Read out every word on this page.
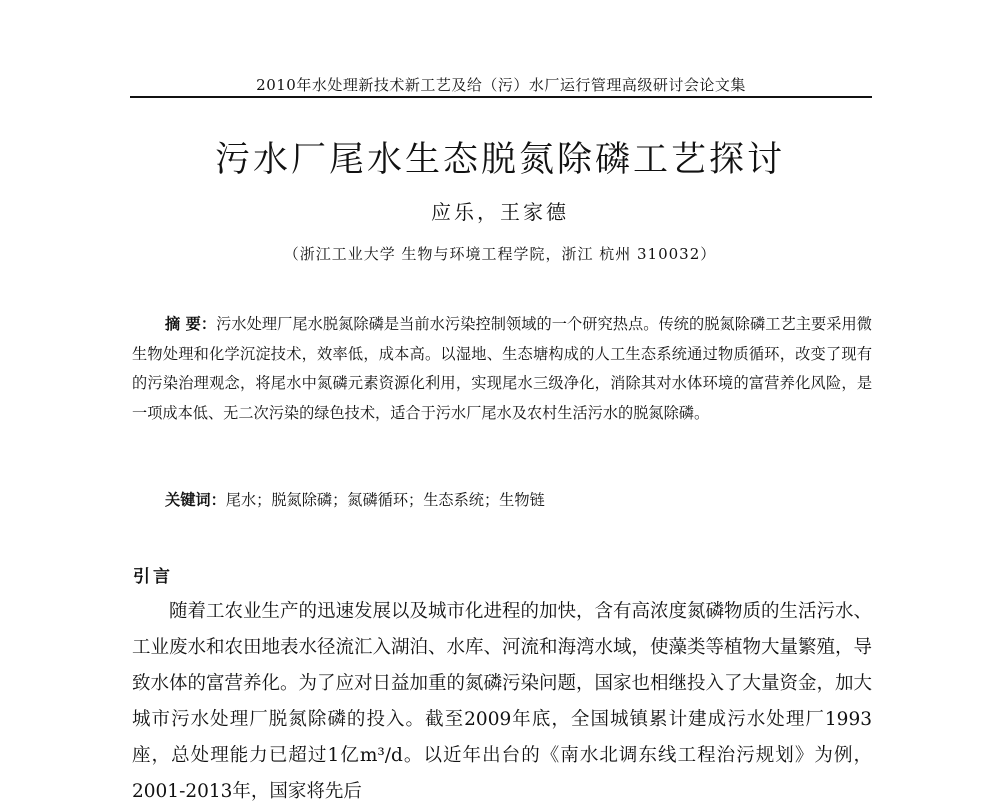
2010年水处理新技术新工艺及给（污）水厂运行管理高级研讨会论文集
污水厂尾水生态脱氮除磷工艺探讨
应乐，王家德
（浙江工业大学 生物与环境工程学院，浙江 杭州 310032）
摘 要：污水处理厂尾水脱氮除磷是当前水污染控制领域的一个研究热点。传统的脱氮除磷工艺主要采用微生物处理和化学沉淀技术，效率低，成本高。以湿地、生态塘构成的人工生态系统通过物质循环，改变了现有的污染治理观念，将尾水中氮磷元素资源化利用，实现尾水三级净化，消除其对水体环境的富营养化风险，是一项成本低、无二次污染的绿色技术，适合于污水厂尾水及农村生活污水的脱氮除磷。
关键词：尾水；脱氮除磷；氮磷循环；生态系统；生物链
引言
随着工农业生产的迅速发展以及城市化进程的加快，含有高浓度氮磷物质的生活污水、工业废水和农田地表水径流汇入湖泊、水库、河流和海湾水域，使藻类等植物大量繁殖，导致水体的富营养化。为了应对日益加重的氮磷污染问题，国家也相继投入了大量资金，加大城市污水处理厂脱氮除磷的投入。截至2009年底，全国城镇累计建成污水处理厂1993座，总处理能力已超过1亿m³/d。以近年出台的《南水北调东线工程治污规划》为例，2001-2013年，国家将先后
